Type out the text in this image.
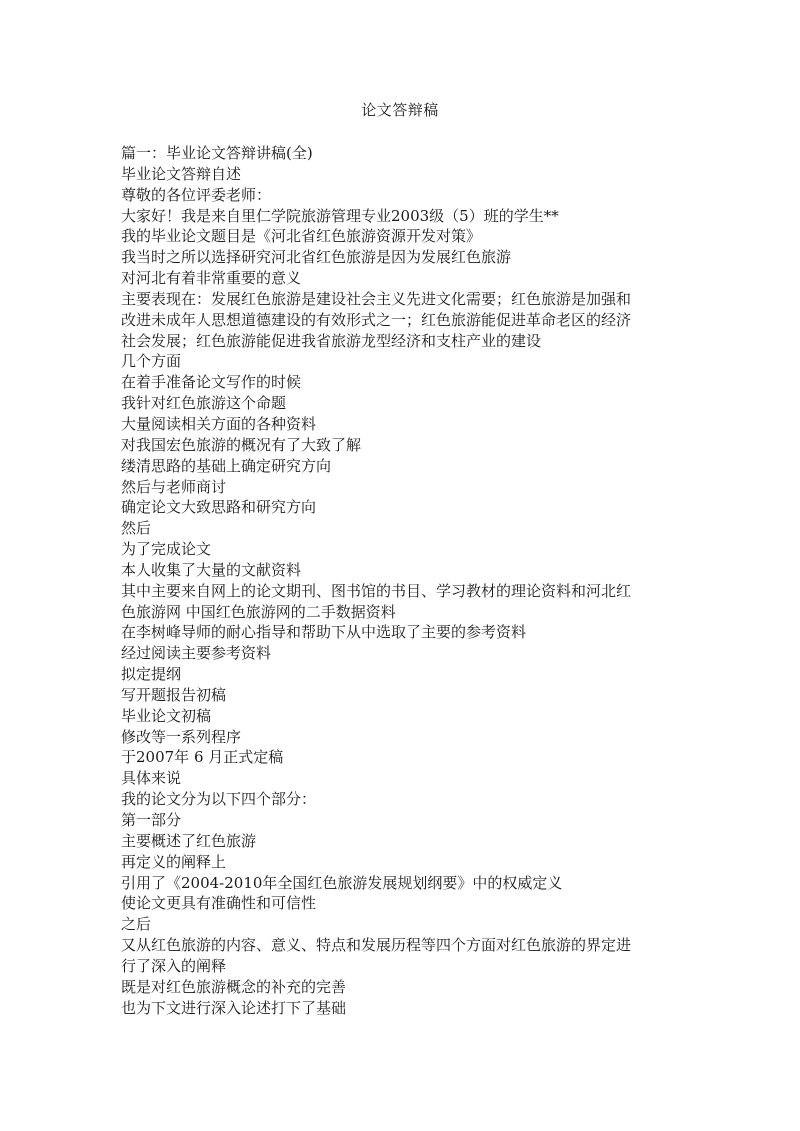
论文答辩稿
篇一：毕业论文答辩讲稿(全)
毕业论文答辩自述
尊敬的各位评委老师：
大家好！我是来自里仁学院旅游管理专业2003级（5）班的学生**
我的毕业论文题目是《河北省红色旅游资源开发对策》
我当时之所以选择研究河北省红色旅游是因为发展红色旅游
对河北有着非常重要的意义
主要表现在：发展红色旅游是建设社会主义先进文化需要；红色旅游是加强和
改进未成年人思想道德建设的有效形式之一；红色旅游能促进革命老区的经济
社会发展；红色旅游能促进我省旅游龙型经济和支柱产业的建设
几个方面
在着手准备论文写作的时候
我针对红色旅游这个命题
大量阅读相关方面的各种资料
对我国宏色旅游的概况有了大致了解
缕清思路的基础上确定研究方向
然后与老师商讨
确定论文大致思路和研究方向
然后
为了完成论文
本人收集了大量的文献资料
其中主要来自网上的论文期刊、图书馆的书目、学习教材的理论资料和河北红
色旅游网 中国红色旅游网的二手数据资料
在李树峰导师的耐心指导和帮助下从中选取了主要的参考资料
经过阅读主要参考资料
拟定提纲
写开题报告初稿
毕业论文初稿
修改等一系列程序
于2007年 6 月正式定稿
具体来说
我的论文分为以下四个部分：
第一部分
主要概述了红色旅游
再定义的阐释上
引用了《2004-2010年全国红色旅游发展规划纲要》中的权威定义
使论文更具有准确性和可信性
之后
又从红色旅游的内容、意义、特点和发展历程等四个方面对红色旅游的界定进
行了深入的阐释
既是对红色旅游概念的补充的完善
也为下文进行深入论述打下了基础
